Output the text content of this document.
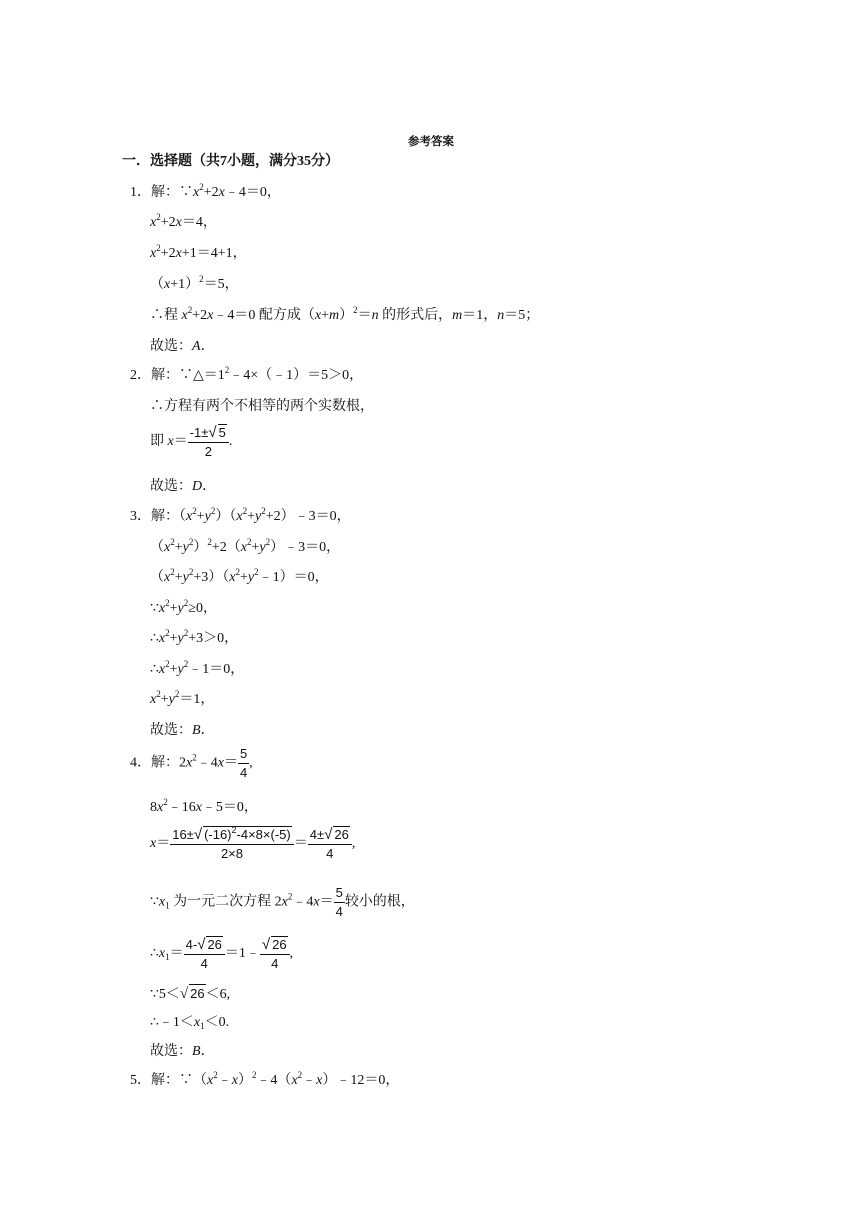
参考答案
一．选择题（共7小题，满分35分）
1．解：$\because x^2+2x﹣4=0$，
$x^2+2x=4$，
$x^2+2x+1=4+1$，
$(x+1)^2=5$，
∴程 $x^2+2x﹣4=0$ 配方成$(x+m)^2=n$ 的形式后，m＝1，n＝5；
故选：A．
2．解：$\because\triangle=1^2﹣4\times(﹣1)=5>0$，
∴方程有两个不相等的两个实数根，
即 $x= \frac{-1\pm√ 5}{2}$ .
故选：D．
3．解：$(x^2+y^2)(x^2+y^2+2)﹣3=0$，
$(x^2+y^2)^2+2(x^2+y^2)﹣3=0$，
$(x^2+y^2+3)(x^2+y^2﹣1)=0$，
$\because x^2+y^2\ge 0$，
$\therefore x^2+y^2+3>0$，
$\therefore x^2+y^2﹣1=0$，
$x^2+y^2=1$，
故选：B．
4．解：$2x^2﹣4x= \frac{5}{4}$ ,
$8x^2﹣16x﹣5=0$，
$x= \frac{16\pm√ (-16)^2-4\times 8\times(-5)}{2\times 8} = \frac{4\pm√ 26}{4}$ ,
$\because x_1$ 为一元二次方程 $2x^2﹣4x= \frac{5}{4}$ 较小的根，
$\therefore x_1= \frac{4-√ 26}{4}$ ＝1﹣ $\frac{√ 26}{4}$ ,
∵5＜√ 26＜6,
$\therefore﹣1<x_1<0$.
故选：B．
5．解：$\because(x^2﹣x)^2﹣4(x^2﹣x)﹣12=0$，
